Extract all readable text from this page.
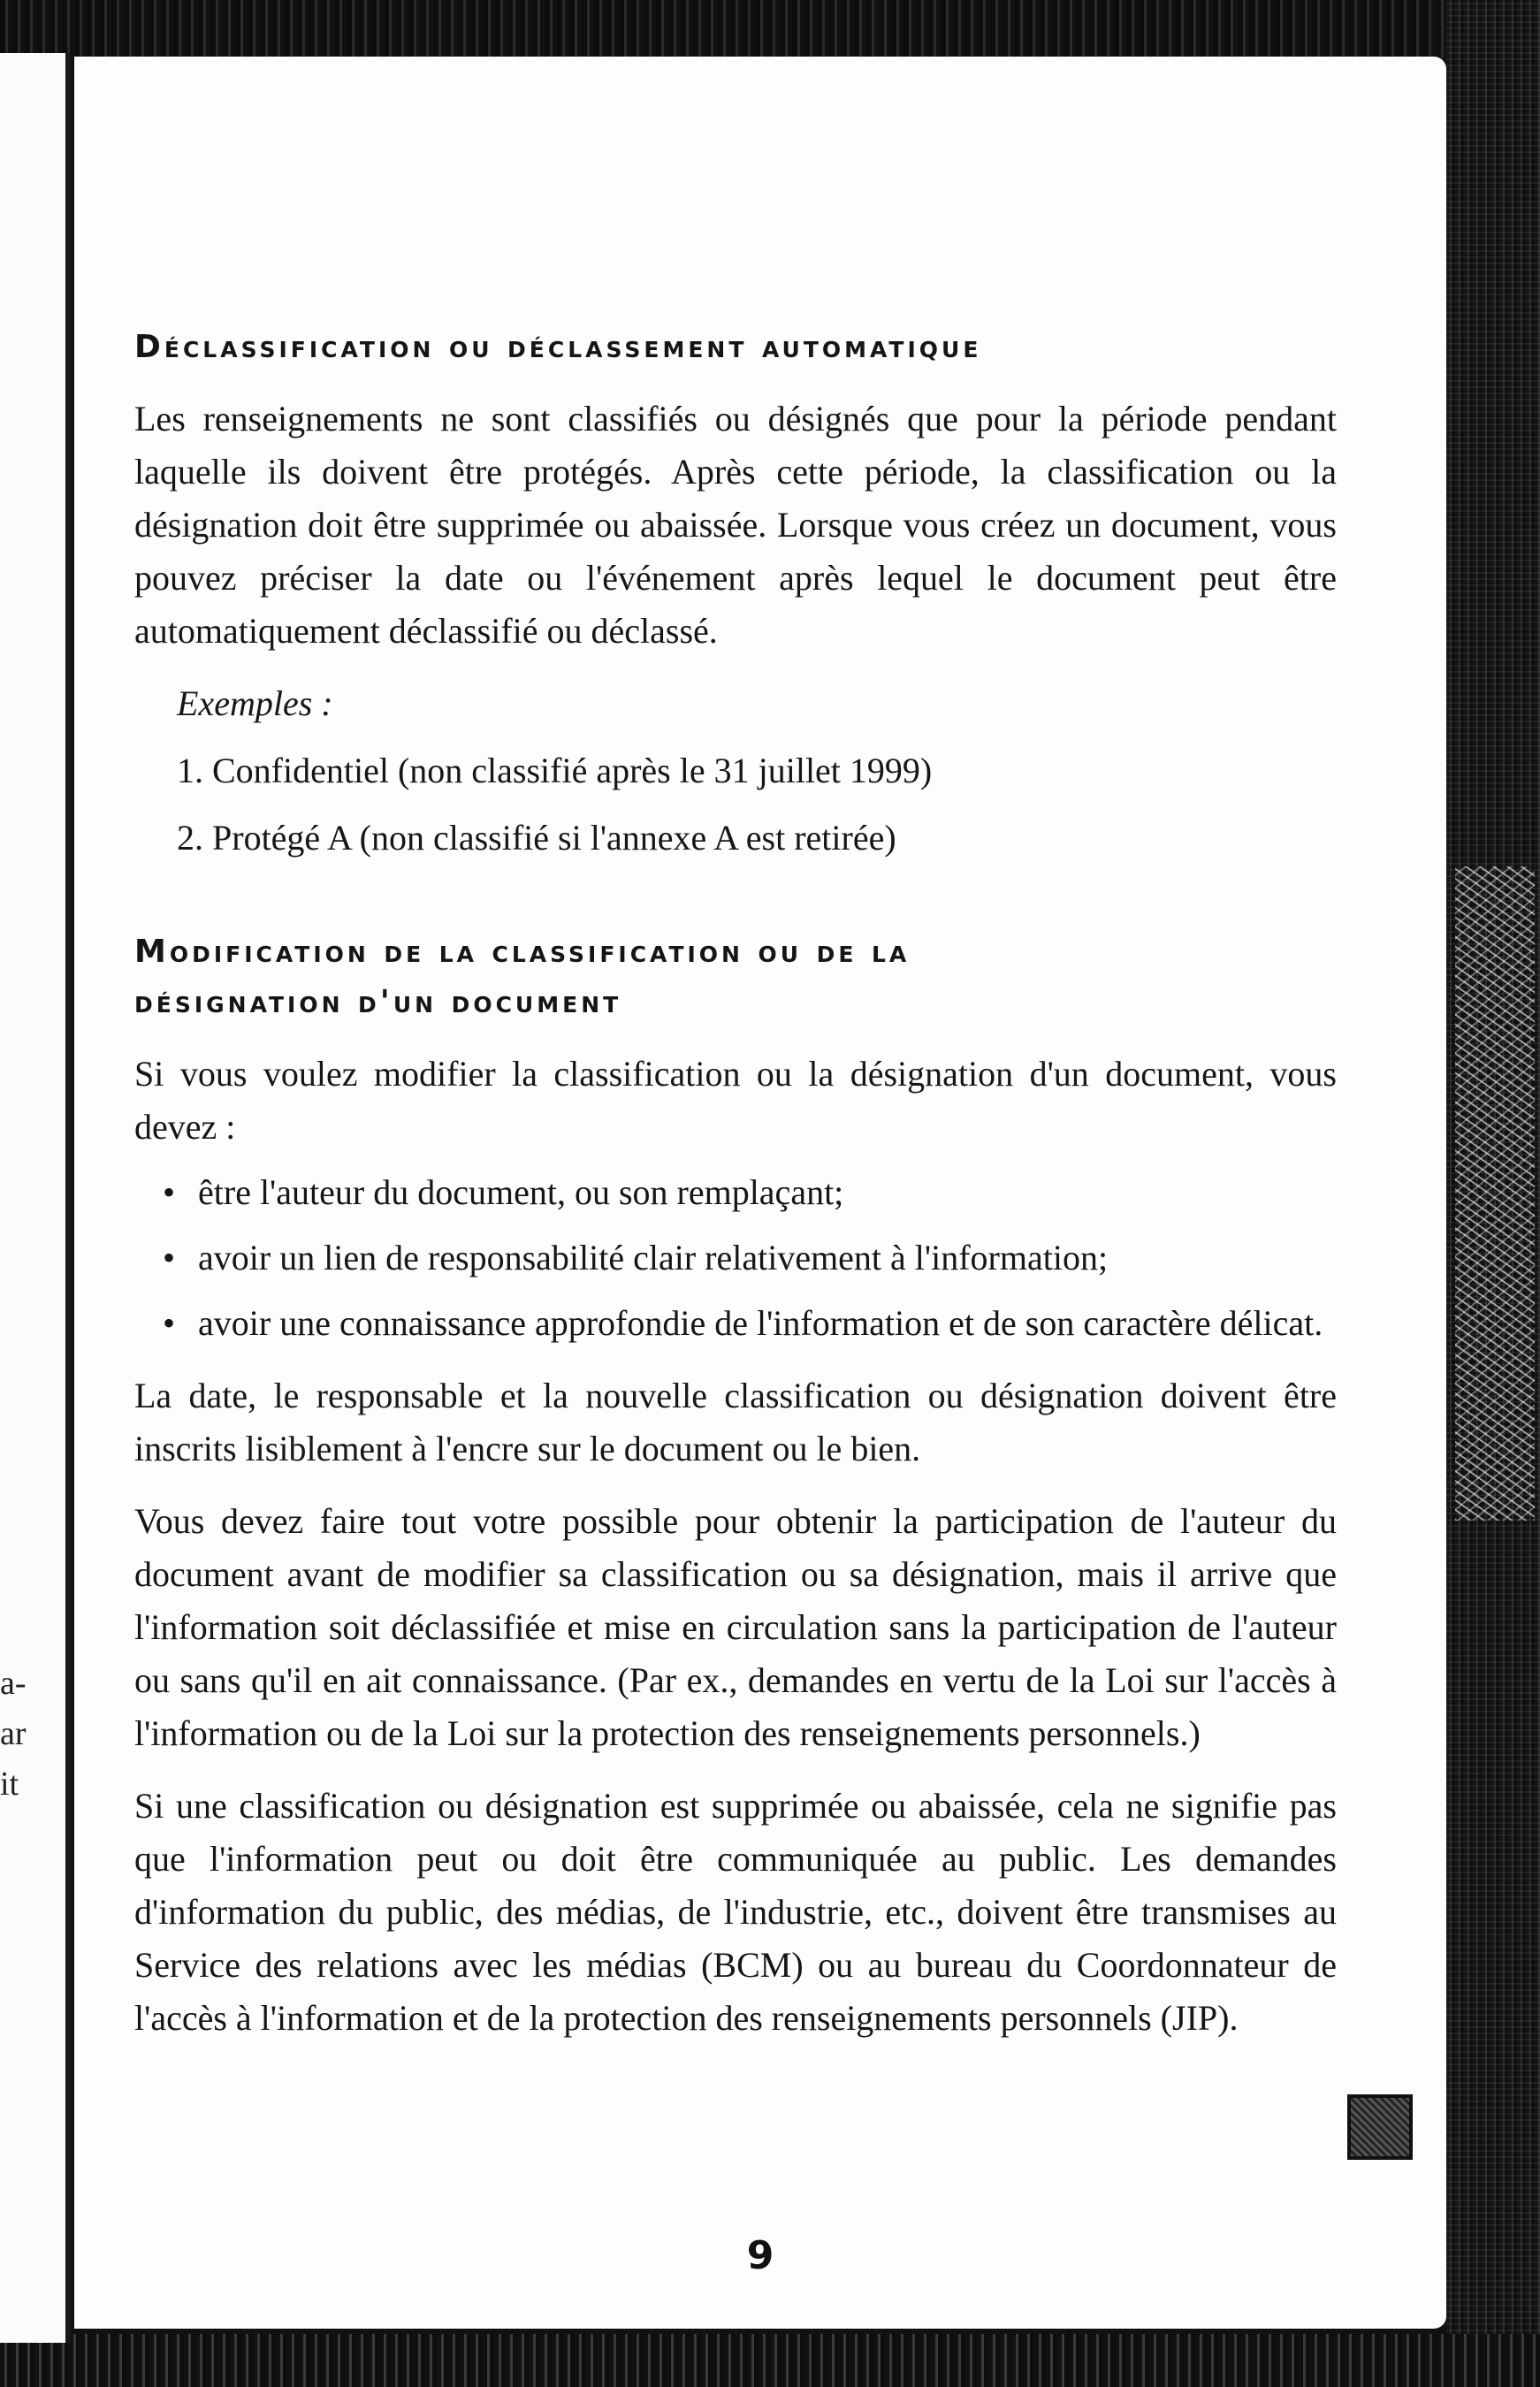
a-
ar
it
Déclassification ou déclassement automatique

Les renseignements ne sont classifiés ou désignés que pour la période pendant laquelle ils doivent être protégés. Après cette période, la classification ou la désignation doit être supprimée ou abaissée. Lorsque vous créez un document, vous pouvez préciser la date ou l'événement après lequel le document peut être automatiquement déclassifié ou déclassé.

Exemples :
1. Confidentiel (non classifié après le 31 juillet 1999)
2. Protégé A (non classifié si l'annexe A est retirée)
Modification de la classification ou de la
désignation d'un document

Si vous voulez modifier la classification ou la désignation d'un document, vous devez :

• être l'auteur du document, ou son remplaçant;
• avoir un lien de responsabilité clair relativement à l'information;
• avoir une connaissance approfondie de l'information et de son caractère délicat.

La date, le responsable et la nouvelle classification ou désignation doivent être inscrits lisiblement à l'encre sur le document ou le bien.

Vous devez faire tout votre possible pour obtenir la participation de l'auteur du document avant de modifier sa classification ou sa désignation, mais il arrive que l'information soit déclassifiée et mise en circulation sans la participation de l'auteur ou sans qu'il en ait connaissance. (Par ex., demandes en vertu de la Loi sur l'accès à l'information ou de la Loi sur la protection des renseignements personnels.)

Si une classification ou désignation est supprimée ou abaissée, cela ne signifie pas que l'information peut ou doit être communiquée au public. Les demandes d'information du public, des médias, de l'industrie, etc., doivent être transmises au Service des relations avec les médias (BCM) ou au bureau du Coordonnateur de l'accès à l'information et de la protection des renseignements personnels (JIP).

9
